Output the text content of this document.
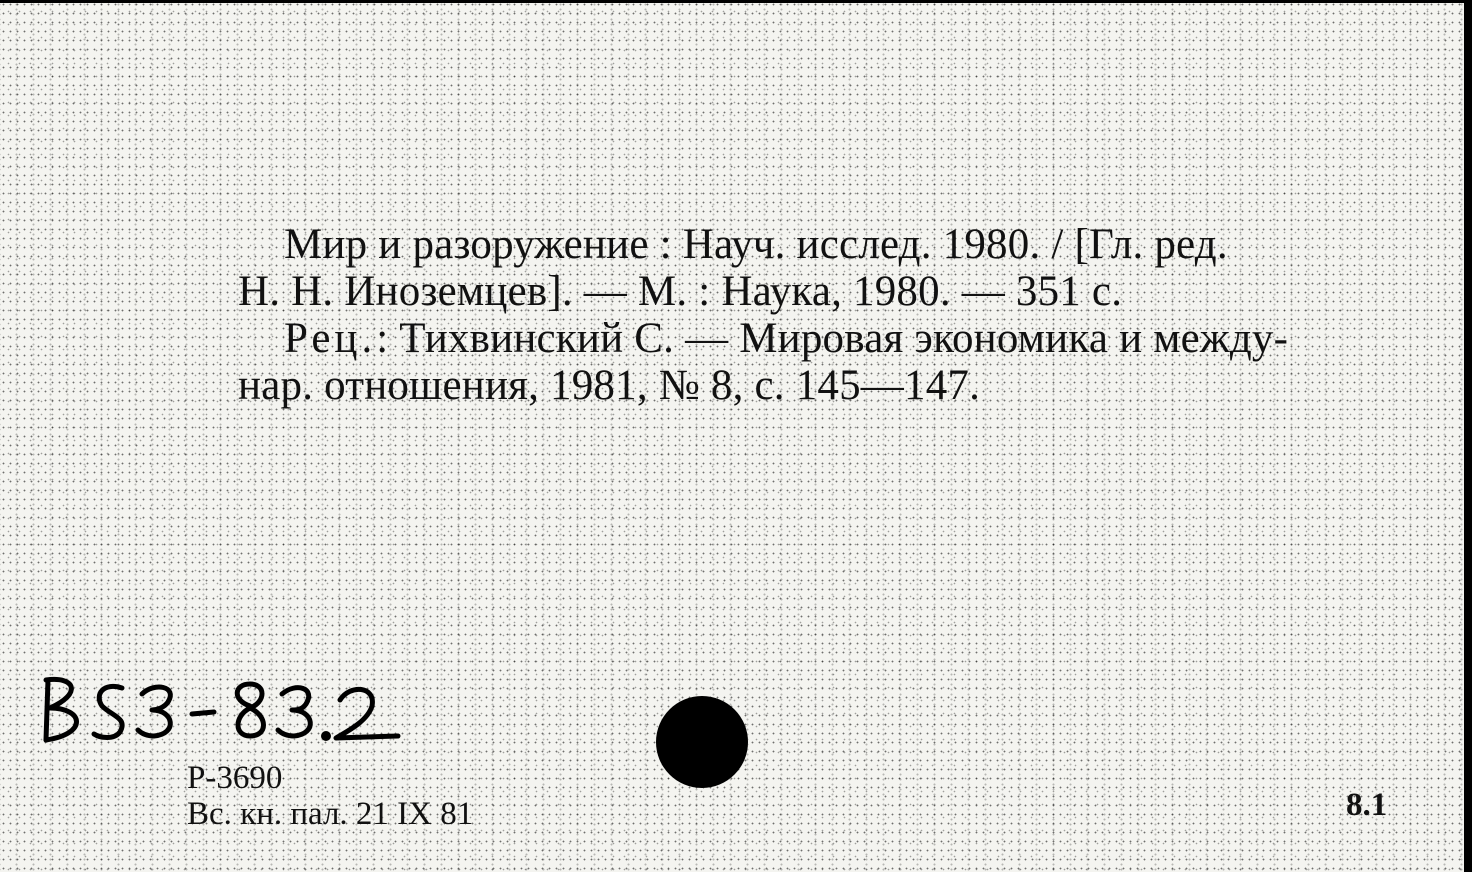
Мир и разоружение : Науч. исслед. 1980. / [Гл. ред.

Н. Н. Иноземцев]. — М. : Наука, 1980. — 351 с.

Рец.: Тихвинский С. — Мировая экономика и между-

нар. отношения, 1981, № 8, с. 145—147.
Р-3690
Вс. кн. пал. 21 IX 81	8.1
